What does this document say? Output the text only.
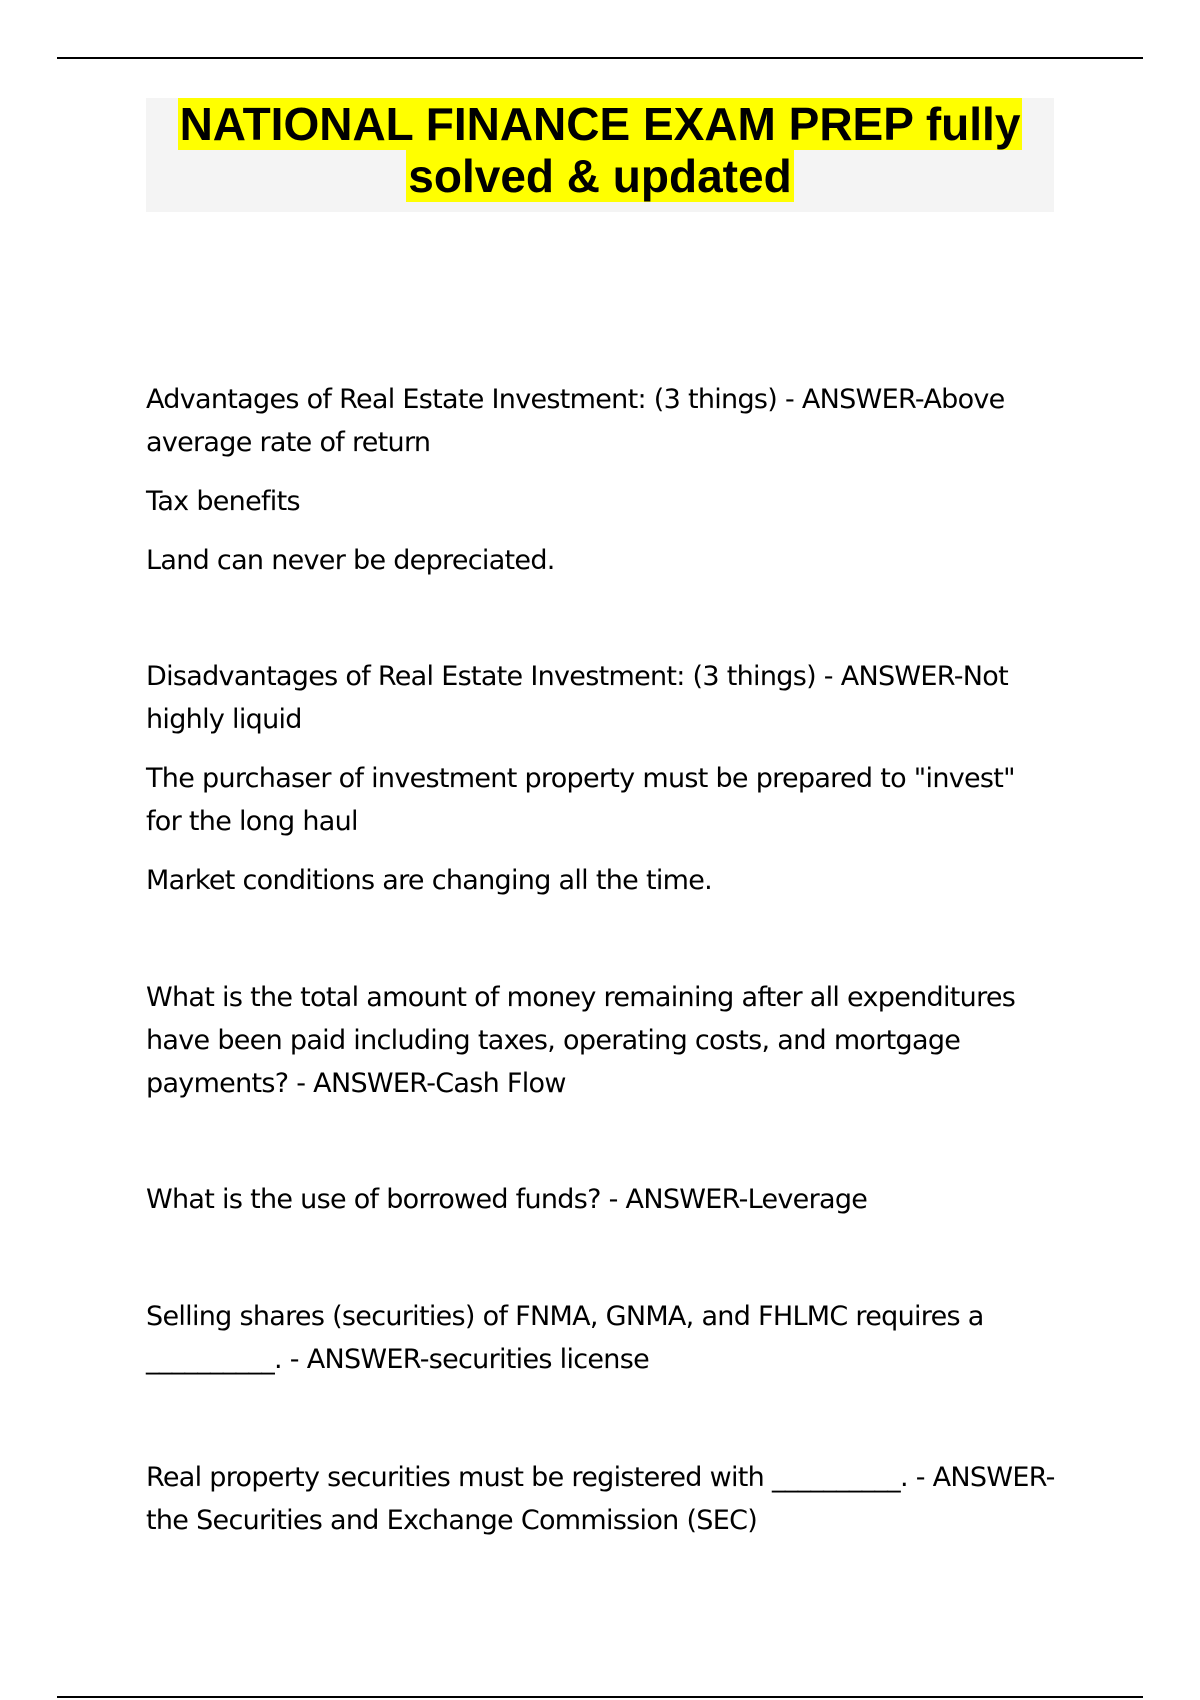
NATIONAL FINANCE EXAM PREP fully
solved & updated

Advantages of Real Estate Investment: (3 things) - ANSWER-Above average rate of return

Tax benefits

Land can never be depreciated.

Disadvantages of Real Estate Investment: (3 things) - ANSWER-Not highly liquid

The purchaser of investment property must be prepared to "invest" for the long haul

Market conditions are changing all the time.

What is the total amount of money remaining after all expenditures have been paid including taxes, operating costs, and mortgage payments? - ANSWER-Cash Flow

What is the use of borrowed funds? - ANSWER-Leverage

Selling shares (securities) of FNMA, GNMA, and FHLMC requires a __________. - ANSWER-securities license

Real property securities must be registered with __________. - ANSWER-the Securities and Exchange Commission (SEC)
